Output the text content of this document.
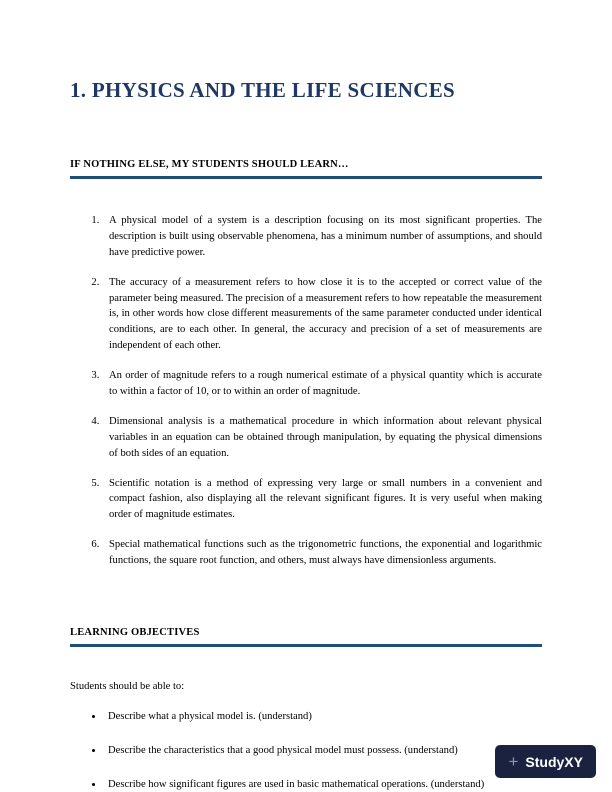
1. PHYSICS AND THE LIFE SCIENCES
IF NOTHING ELSE, MY STUDENTS SHOULD LEARN…
1. A physical model of a system is a description focusing on its most significant properties. The description is built using observable phenomena, has a minimum number of assumptions, and should have predictive power.
2. The accuracy of a measurement refers to how close it is to the accepted or correct value of the parameter being measured. The precision of a measurement refers to how repeatable the measurement is, in other words how close different measurements of the same parameter conducted under identical conditions, are to each other. In general, the accuracy and precision of a set of measurements are independent of each other.
3. An order of magnitude refers to a rough numerical estimate of a physical quantity which is accurate to within a factor of 10, or to within an order of magnitude.
4. Dimensional analysis is a mathematical procedure in which information about relevant physical variables in an equation can be obtained through manipulation, by equating the physical dimensions of both sides of an equation.
5. Scientific notation is a method of expressing very large or small numbers in a convenient and compact fashion, also displaying all the relevant significant figures. It is very useful when making order of magnitude estimates.
6. Special mathematical functions such as the trigonometric functions, the exponential and logarithmic functions, the square root function, and others, must always have dimensionless arguments.
LEARNING OBJECTIVES
Students should be able to:
• Describe what a physical model is. (understand)
• Describe the characteristics that a good physical model must possess. (understand)
• Describe how significant figures are used in basic mathematical operations. (understand)
+ StudyXY
